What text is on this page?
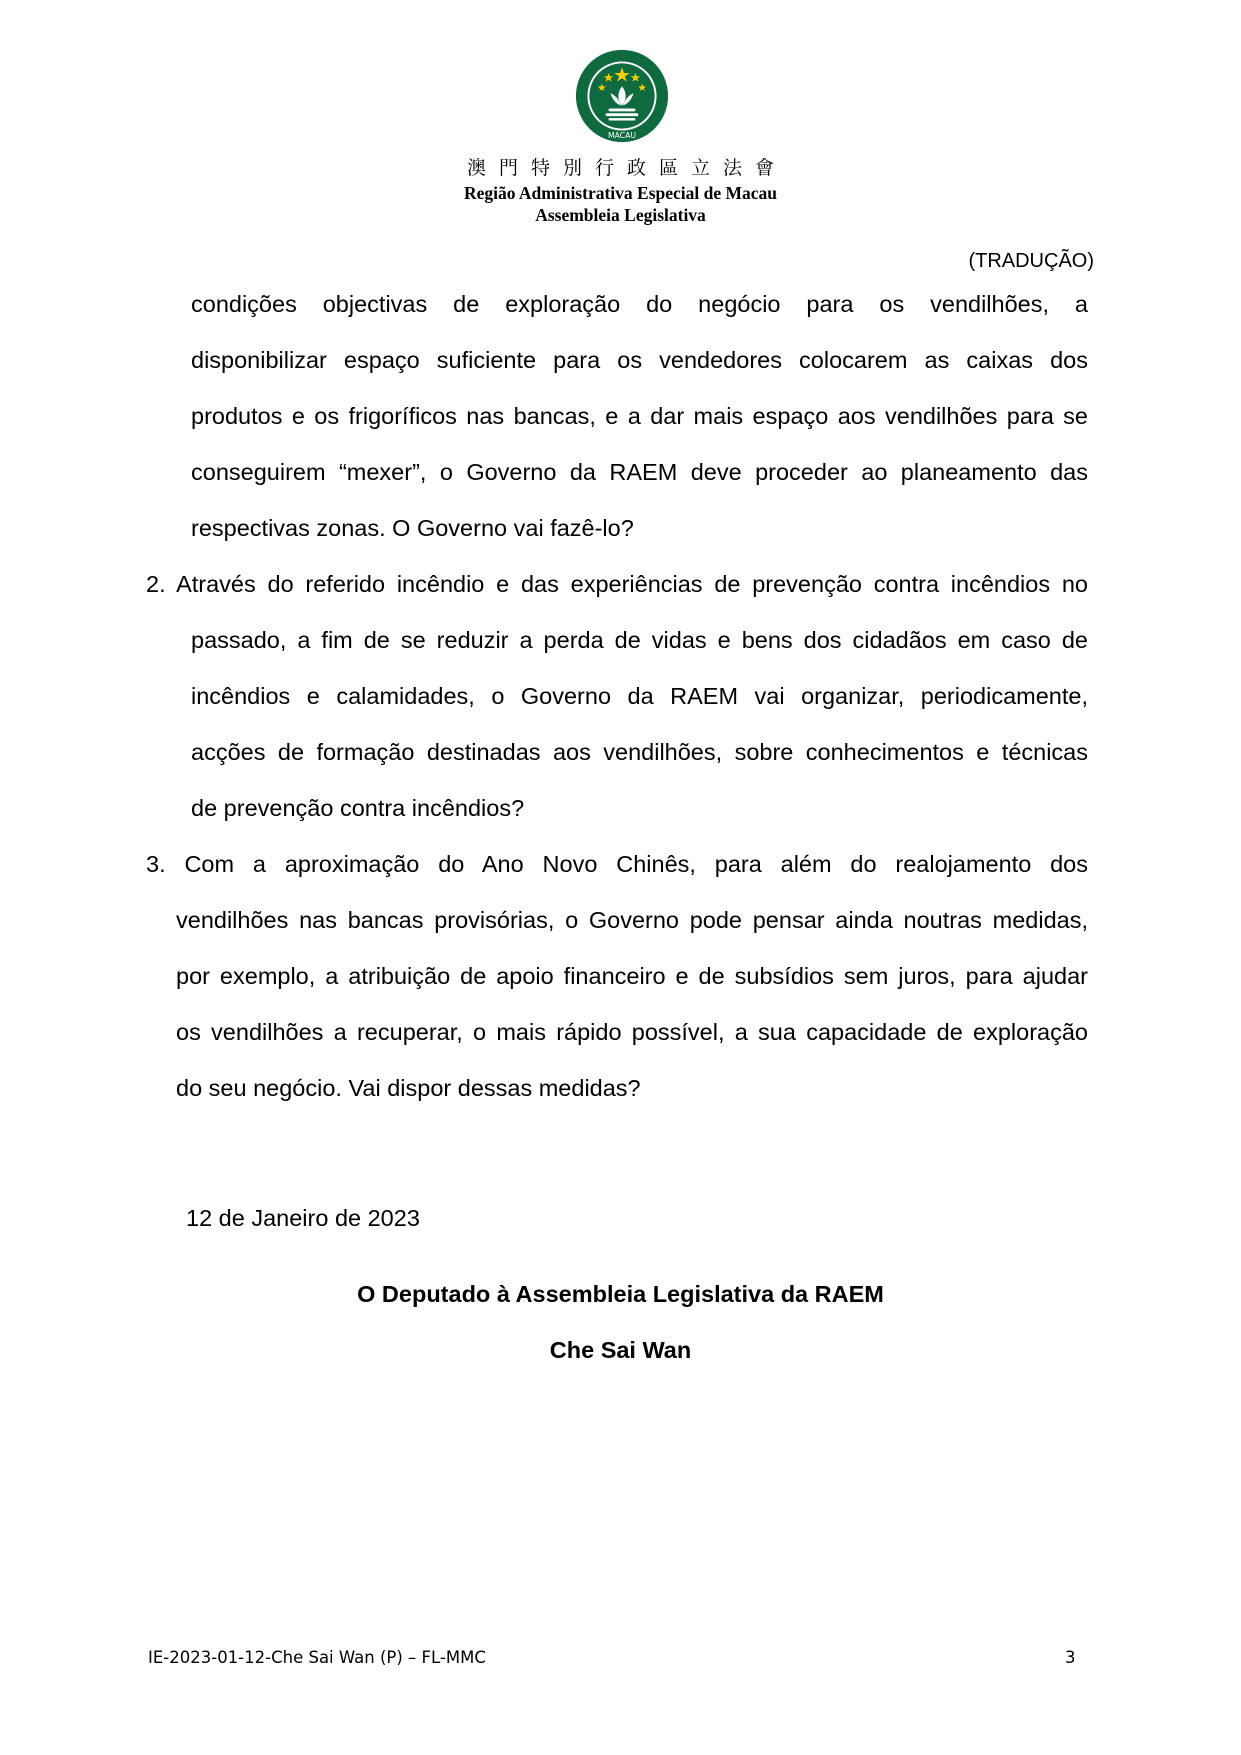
MACAU
澳門特別行政區立法會
Região Administrativa Especial de Macau
Assembleia Legislativa
(TRADUÇÃO)
condições objectivas de exploração do negócio para os vendilhões, a
disponibilizar espaço suficiente para os vendedores colocarem as caixas dos
produtos e os frigoríficos nas bancas, e a dar mais espaço aos vendilhões para se
conseguirem “mexer”, o Governo da RAEM deve proceder ao planeamento das
respectivas zonas. O Governo vai fazê-lo?
2. Através do referido incêndio e das experiências de prevenção contra incêndios no
passado, a fim de se reduzir a perda de vidas e bens dos cidadãos em caso de
incêndios e calamidades, o Governo da RAEM vai organizar, periodicamente,
acções de formação destinadas aos vendilhões, sobre conhecimentos e técnicas
de prevenção contra incêndios?
3. Com a aproximação do Ano Novo Chinês, para além do realojamento dos
vendilhões nas bancas provisórias, o Governo pode pensar ainda noutras medidas,
por exemplo, a atribuição de apoio financeiro e de subsídios sem juros, para ajudar
os vendilhões a recuperar, o mais rápido possível, a sua capacidade de exploração
do seu negócio. Vai dispor dessas medidas?
12 de Janeiro de 2023
O Deputado à Assembleia Legislativa da RAEM
Che Sai Wan
IE-2023-01-12-Che Sai Wan (P) – FL-MMC	3
